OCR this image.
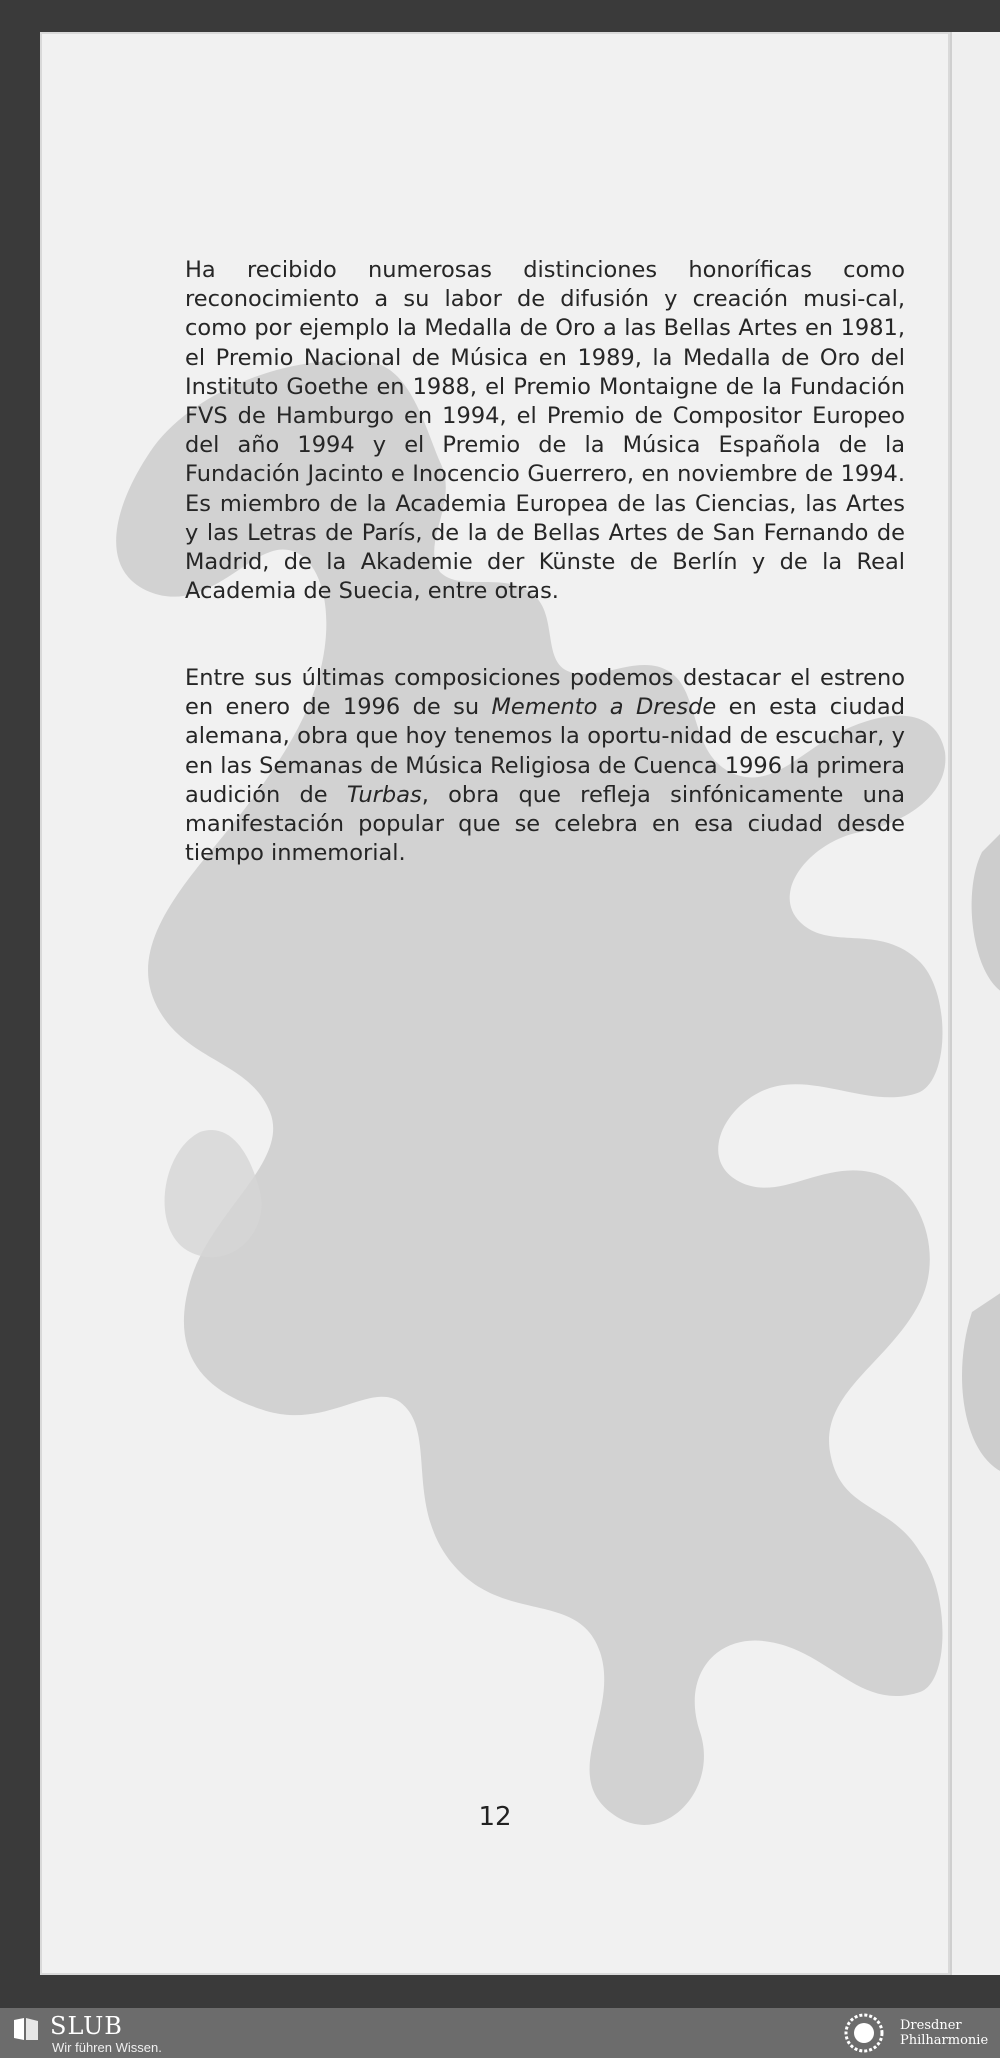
Ha recibido numerosas distinciones honoríficas como reconocimiento a su labor de difusión y creación musi-cal, como por ejemplo la Medalla de Oro a las Bellas Artes en 1981, el Premio Nacional de Música en 1989, la Medalla de Oro del Instituto Goethe en 1988, el Premio Montaigne de la Fundación FVS de Hamburgo en 1994, el Premio de Compositor Europeo del año 1994 y el Premio de la Música Española de la Fundación Jacinto e Inocencio Guerrero, en noviembre de 1994. Es miembro de la Academia Europea de las Ciencias, las Artes y las Letras de París, de la de Bellas Artes de San Fernando de Madrid, de la Akademie der Künste de Berlín y de la Real Academia de Suecia, entre otras.
Entre sus últimas composiciones podemos destacar el estreno en enero de 1996 de su Memento a Dresde en esta ciudad alemana, obra que hoy tenemos la oportu-nidad de escuchar, y en las Semanas de Música Religiosa de Cuenca 1996 la primera audición de Turbas, obra que refleja sinfónicamente una manifestación popular que se celebra en esa ciudad desde tiempo inmemorial.
12
SLUB
Wir führen Wissen.
Dresdner
Philharmonie
